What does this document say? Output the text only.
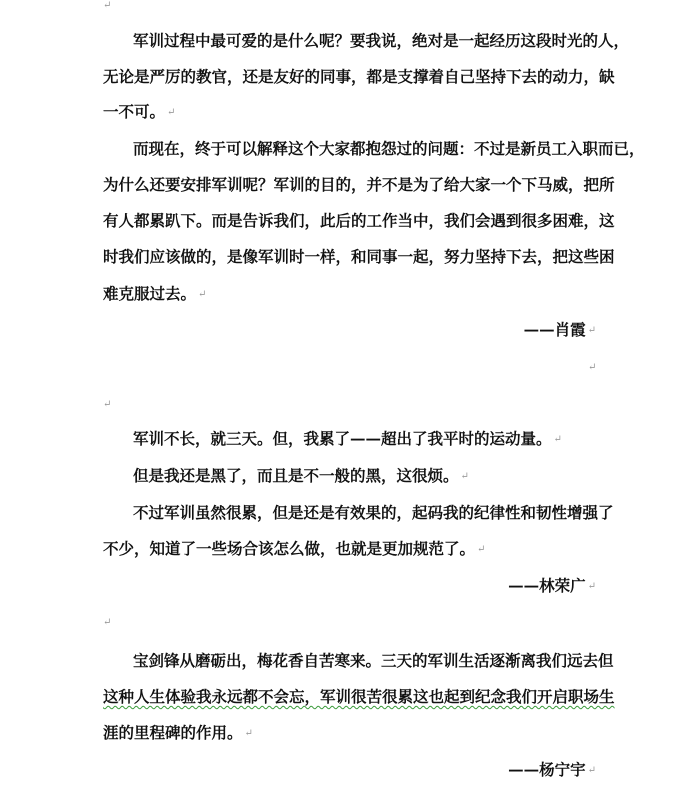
↵
军训过程中最可爱的是什么呢？要我说，绝对是一起经历这段时光的人，
无论是严厉的教官，还是友好的同事，都是支撑着自己坚持下去的动力，缺
一不可。 ↵
而现在，终于可以解释这个大家都抱怨过的问题：不过是新员工入职而已，
为什么还要安排军训呢？军训的目的，并不是为了给大家一个下马威，把所
有人都累趴下。而是告诉我们，此后的工作当中，我们会遇到很多困难，这
时我们应该做的，是像军训时一样，和同事一起，努力坚持下去，把这些困
难克服过去。 ↵
——肖霞 ↵
↵
↵
军训不长，就三天。但，我累了——超出了我平时的运动量。 ↵
但是我还是黑了，而且是不一般的黑，这很烦。 ↵
不过军训虽然很累，但是还是有效果的，起码我的纪律性和韧性增强了
不少，知道了一些场合该怎么做，也就是更加规范了。 ↵
——林荣广 ↵
↵
宝剑锋从磨砺出，梅花香自苦寒来。三天的军训生活逐渐离我们远去但
这种人生体验我永远都不会忘，军训很苦很累这也起到纪念我们开启职场生
涯的里程碑的作用。 ↵
——杨宁宇 ↵
